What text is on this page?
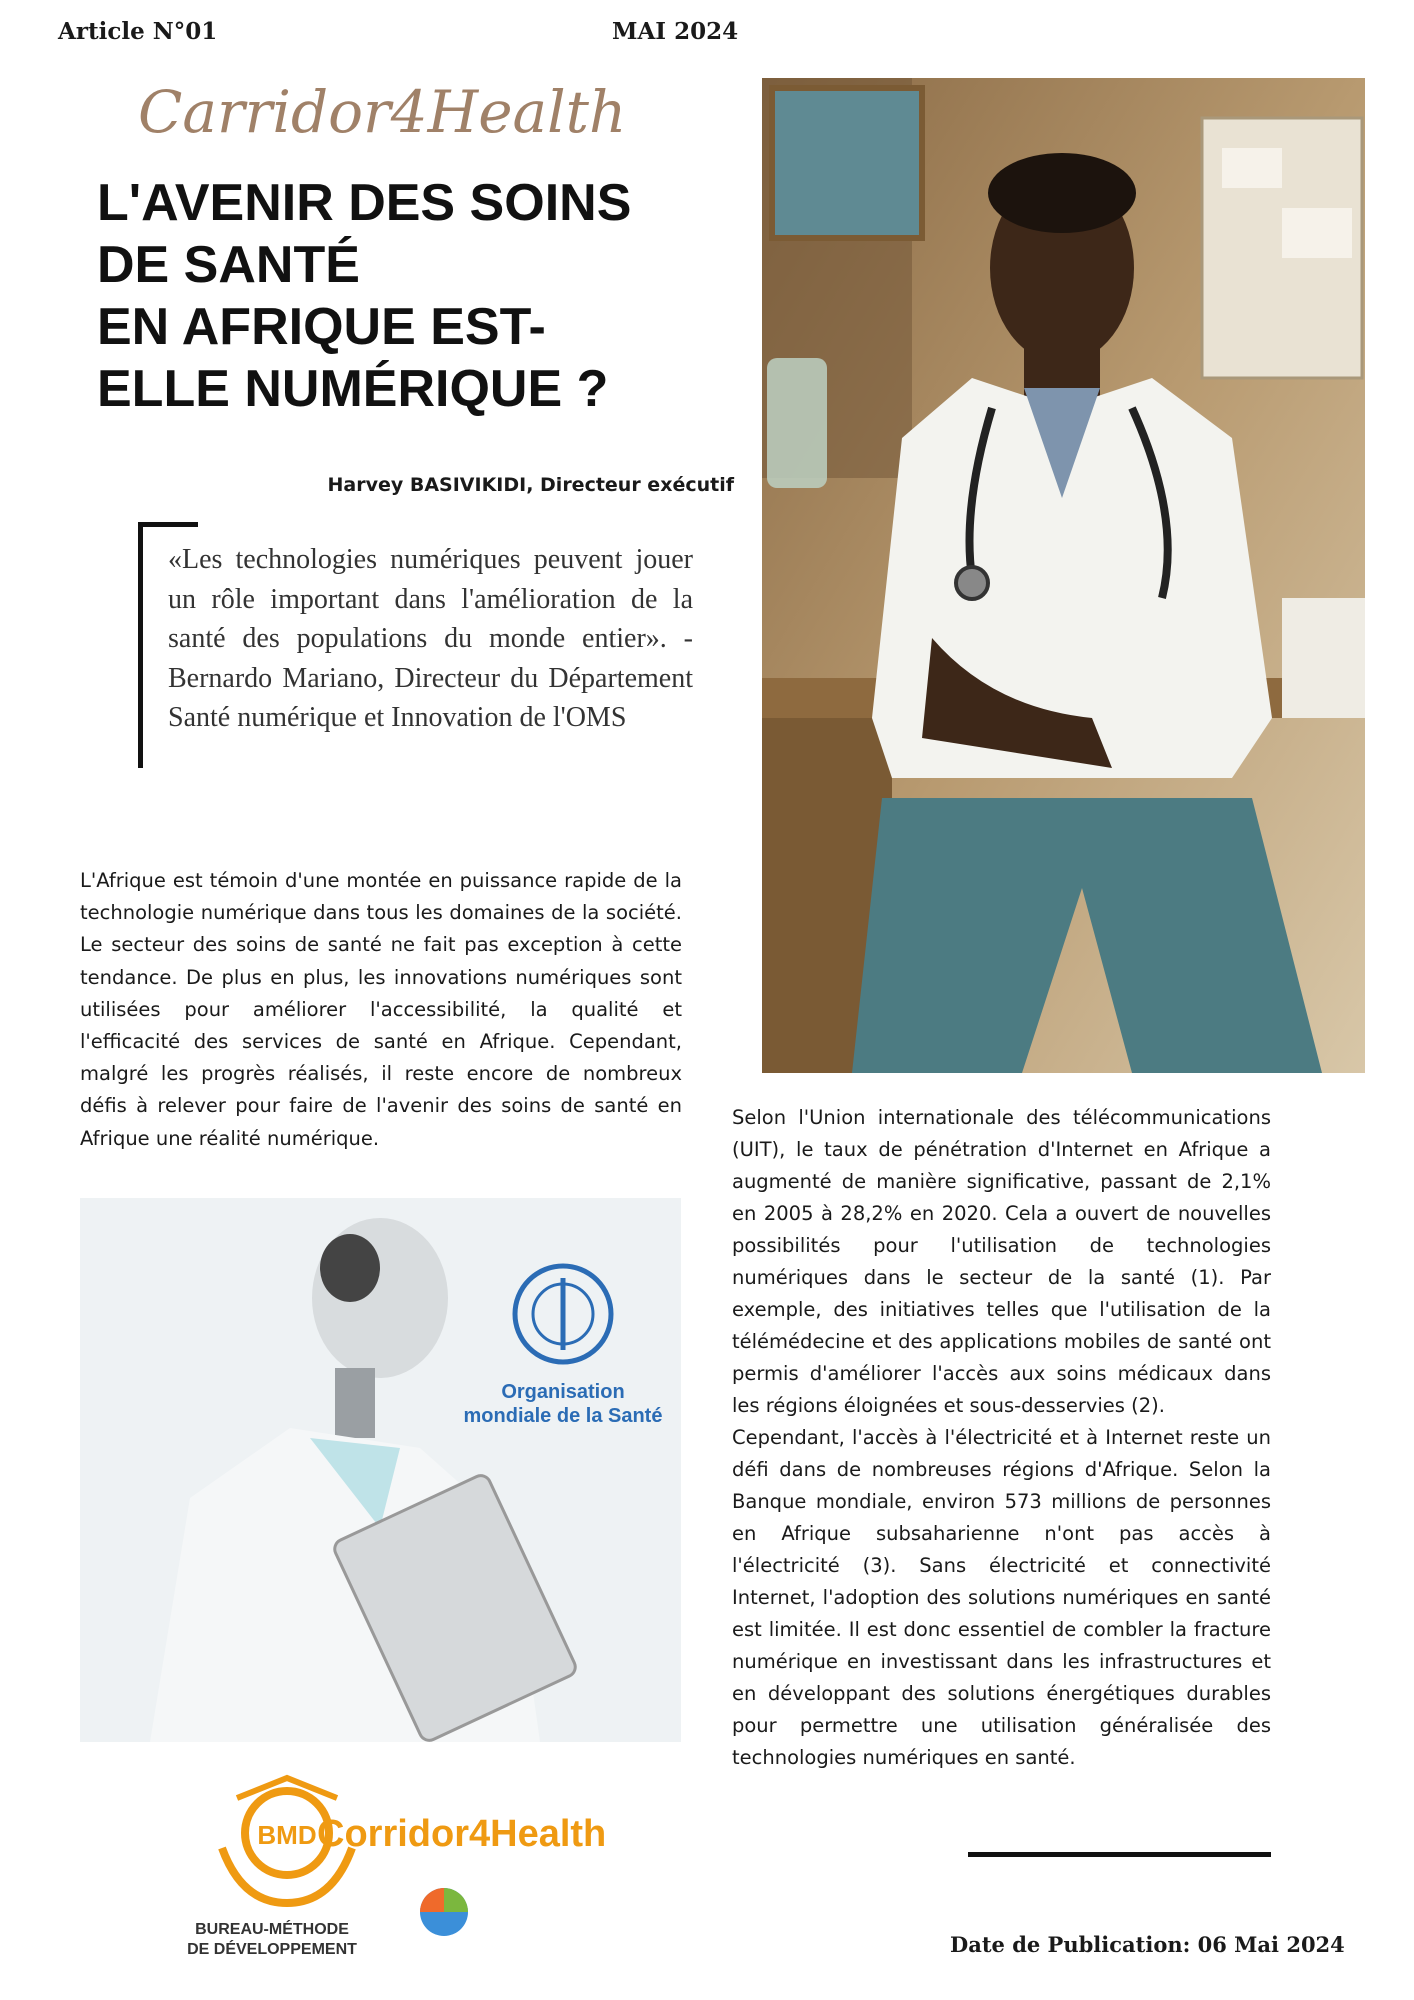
Article N°01	MAI 2024
Carridor4Health
L'AVENIR DES SOINS
DE SANTÉ
EN AFRIQUE EST-
ELLE NUMÉRIQUE ?
Harvey BASIVIKIDI, Directeur exécutif
«Les technologies numériques peuvent jouer un rôle important dans l'amélioration de la santé des populations du monde entier». - Bernardo Mariano, Directeur du Département Santé numérique et Innovation de l'OMS

L'Afrique est témoin d'une montée en puissance rapide de la technologie numérique dans tous les domaines de la société. Le secteur des soins de santé ne fait pas exception à cette tendance. De plus en plus, les innovations numériques sont utilisées pour améliorer l'accessibilité, la qualité et l'efficacité des services de santé en Afrique. Cependant, malgré les progrès réalisés, il reste encore de nombreux défis à relever pour faire de l'avenir des soins de santé en Afrique une réalité numérique.

Organisation
mondiale de la Santé

Selon l'Union internationale des télécommunications (UIT), le taux de pénétration d'Internet en Afrique a augmenté de manière significative, passant de 2,1% en 2005 à 28,2% en 2020. Cela a ouvert de nouvelles possibilités pour l'utilisation de technologies numériques dans le secteur de la santé (1). Par exemple, des initiatives telles que l'utilisation de la télémédecine et des applications mobiles de santé ont permis d'améliorer l'accès aux soins médicaux dans les régions éloignées et sous-desservies (2).

Cependant, l'accès à l'électricité et à Internet reste un défi dans de nombreuses régions d'Afrique. Selon la Banque mondiale, environ 573 millions de personnes en Afrique subsaharienne n'ont pas accès à l'électricité (3). Sans électricité et connectivité Internet, l'adoption des solutions numériques en santé est limitée. Il est donc essentiel de combler la fracture numérique en investissant dans les infrastructures et en développant des solutions énergétiques durables pour permettre une utilisation généralisée des technologies numériques en santé.

BMD Corridor4Health
BUREAU-MÉTHODE
DE DÉVELOPPEMENT	Date de Publication: 06 Mai 2024
